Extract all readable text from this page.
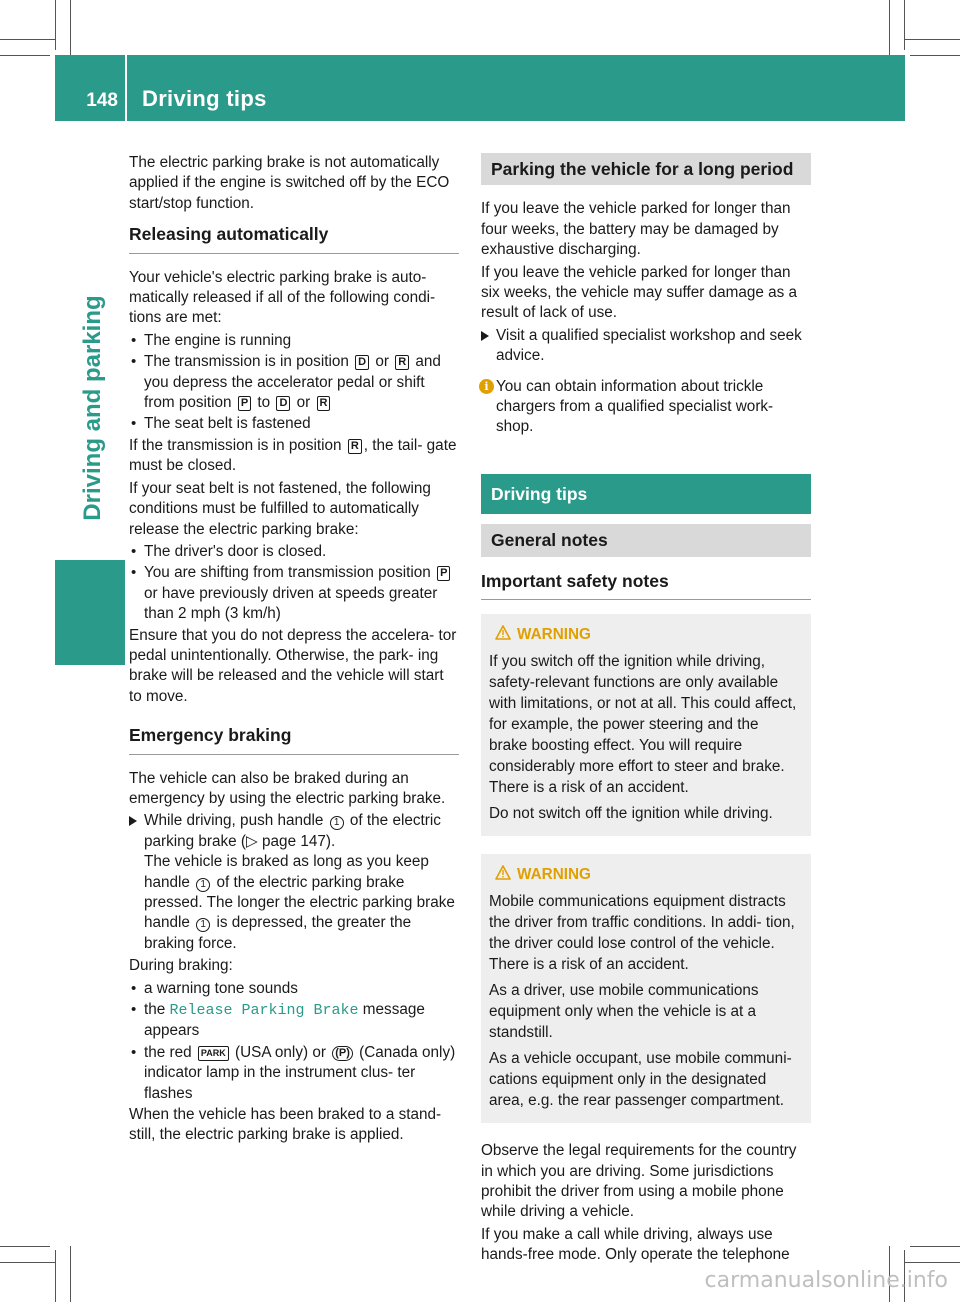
148 Driving tips
Driving and parking

The electric parking brake is not automatically applied if the engine is switched off by the ECO start/stop function.

Releasing automatically

Your vehicle's electric parking brake is auto- matically released if all of the following condi- tions are met:

• The engine is running
• The transmission is in position D or R and you depress the accelerator pedal or shift from position P to D or R
• The seat belt is fastened

If the transmission is in position R , the tail- gate must be closed.

If your seat belt is not fastened, the following conditions must be fulfilled to automatically release the electric parking brake:

• The driver's door is closed.
• You are shifting from transmission position P or have previously driven at speeds greater than 2 mph (3 km/h)

Ensure that you do not depress the accelera- tor pedal unintentionally. Otherwise, the park- ing brake will be released and the vehicle will start to move.

Emergency braking

The vehicle can also be braked during an emergency by using the electric parking brake.

While driving, push handle 1 of the electric parking brake (▷ page 147).
The vehicle is braked as long as you keep handle 1 of the electric parking brake pressed. The longer the electric parking brake handle 1 is depressed, the greater the braking force.

During braking:

• a warning tone sounds
• the Release Parking Brake message appears
• the red PARK (USA only) or (P) (Canada only) indicator lamp in the instrument clus- ter flashes

When the vehicle has been braked to a stand- still, the electric parking brake is applied.

Parking the vehicle for a long period

If you leave the vehicle parked for longer than four weeks, the battery may be damaged by exhaustive discharging.

If you leave the vehicle parked for longer than six weeks, the vehicle may suffer damage as a result of lack of use.

Visit a qualified specialist workshop and seek advice.
i You can obtain information about trickle chargers from a qualified specialist work- shop.
Driving tips
General notes
Important safety notes
WARNING

If you switch off the ignition while driving, safety-relevant functions are only available with limitations, or not at all. This could affect, for example, the power steering and the brake boosting effect. You will require considerably more effort to steer and brake. There is a risk of an accident.

Do not switch off the ignition while driving.

WARNING

Mobile communications equipment distracts the driver from traffic conditions. In addi- tion, the driver could lose control of the vehicle. There is a risk of an accident.

As a driver, use mobile communications equipment only when the vehicle is at a standstill.

As a vehicle occupant, use mobile communi- cations equipment only in the designated area, e.g. the rear passenger compartment.

Observe the legal requirements for the country in which you are driving. Some jurisdictions prohibit the driver from using a mobile phone while driving a vehicle.

If you make a call while driving, always use hands-free mode. Only operate the telephone

carmanualsonline.info
